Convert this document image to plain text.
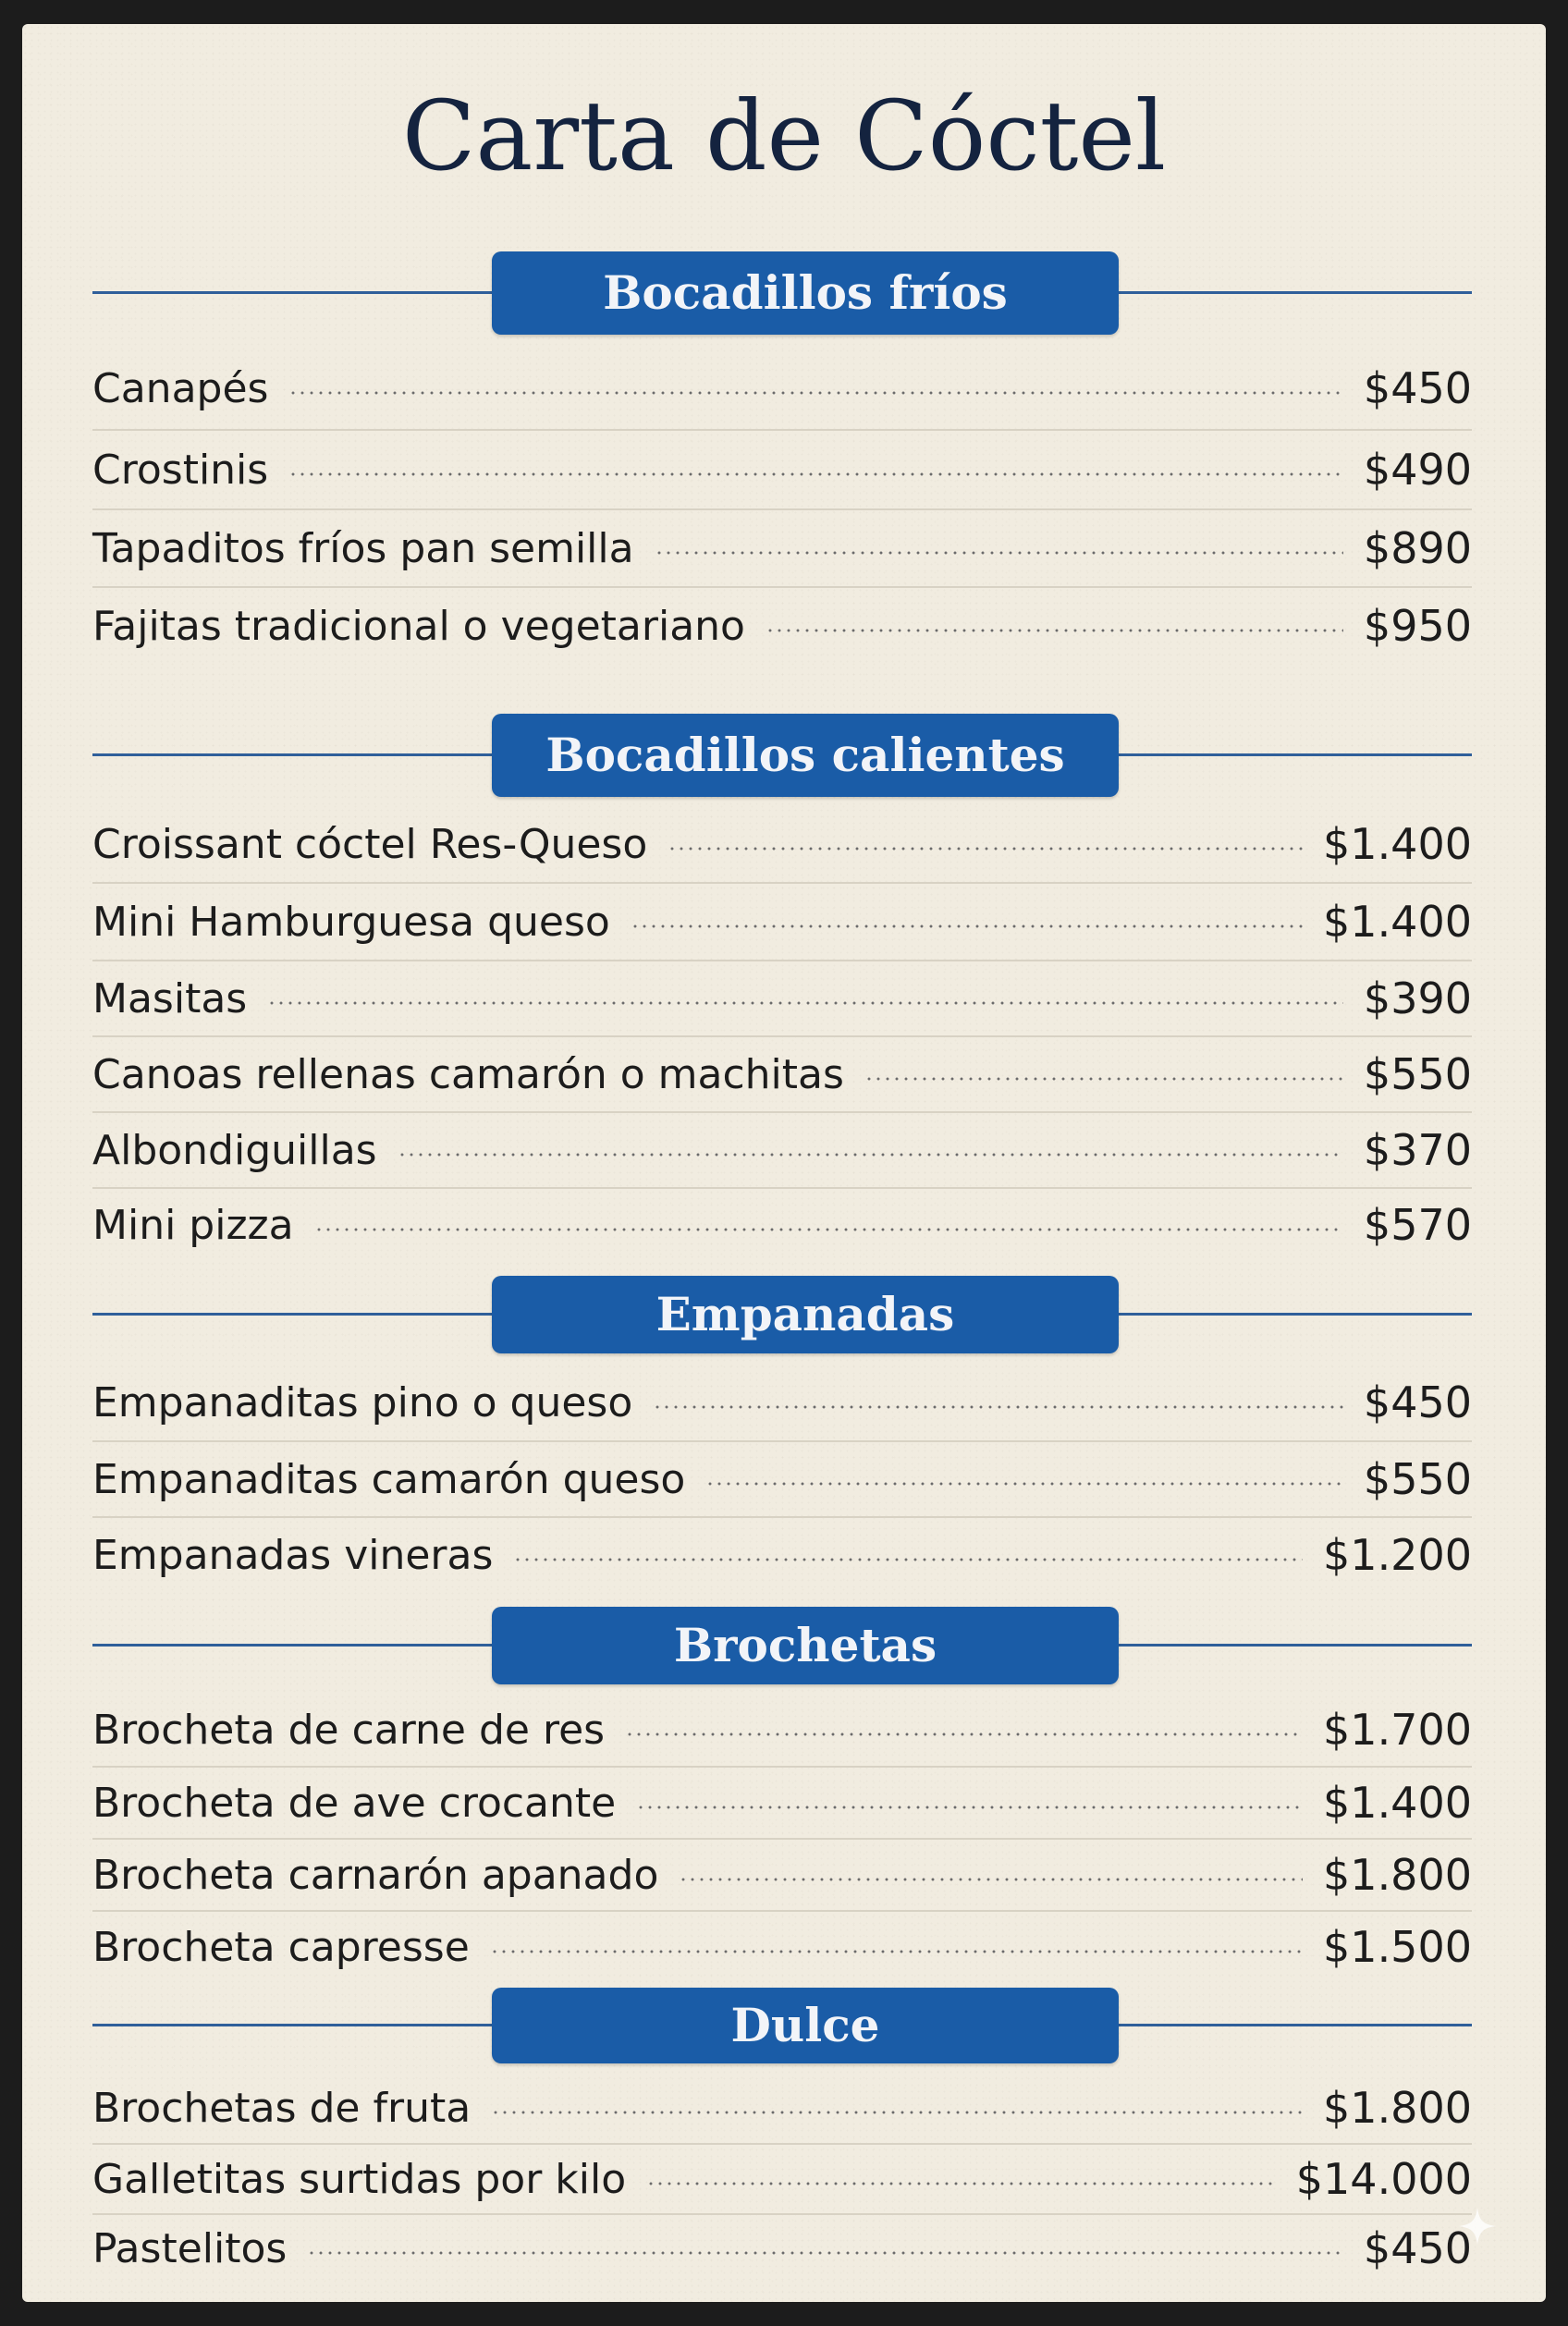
Carta de Cóctel
Bocadillos fríos
Canapés	$450
Crostinis	$490
Tapaditos fríos pan semilla	$890
Fajitas tradicional o vegetariano	$950
Bocadillos calientes
Croissant cóctel Res-Queso	$1.400
Mini Hamburguesa queso	$1.400
Masitas	$390
Canoas rellenas camarón o machitas	$550
Albondiguillas	$370
Mini pizza	$570
Empanadas
Empanaditas pino o queso	$450
Empanaditas camarón queso	$550
Empanadas vineras	$1.200
Brochetas
Brocheta de carne de res	$1.700
Brocheta de ave crocante	$1.400
Brocheta carnarón apanado	$1.800
Brocheta capresse	$1.500
Dulce
Brochetas de fruta	$1.800
Galletitas surtidas por kilo	$14.000
Pastelitos	$450
